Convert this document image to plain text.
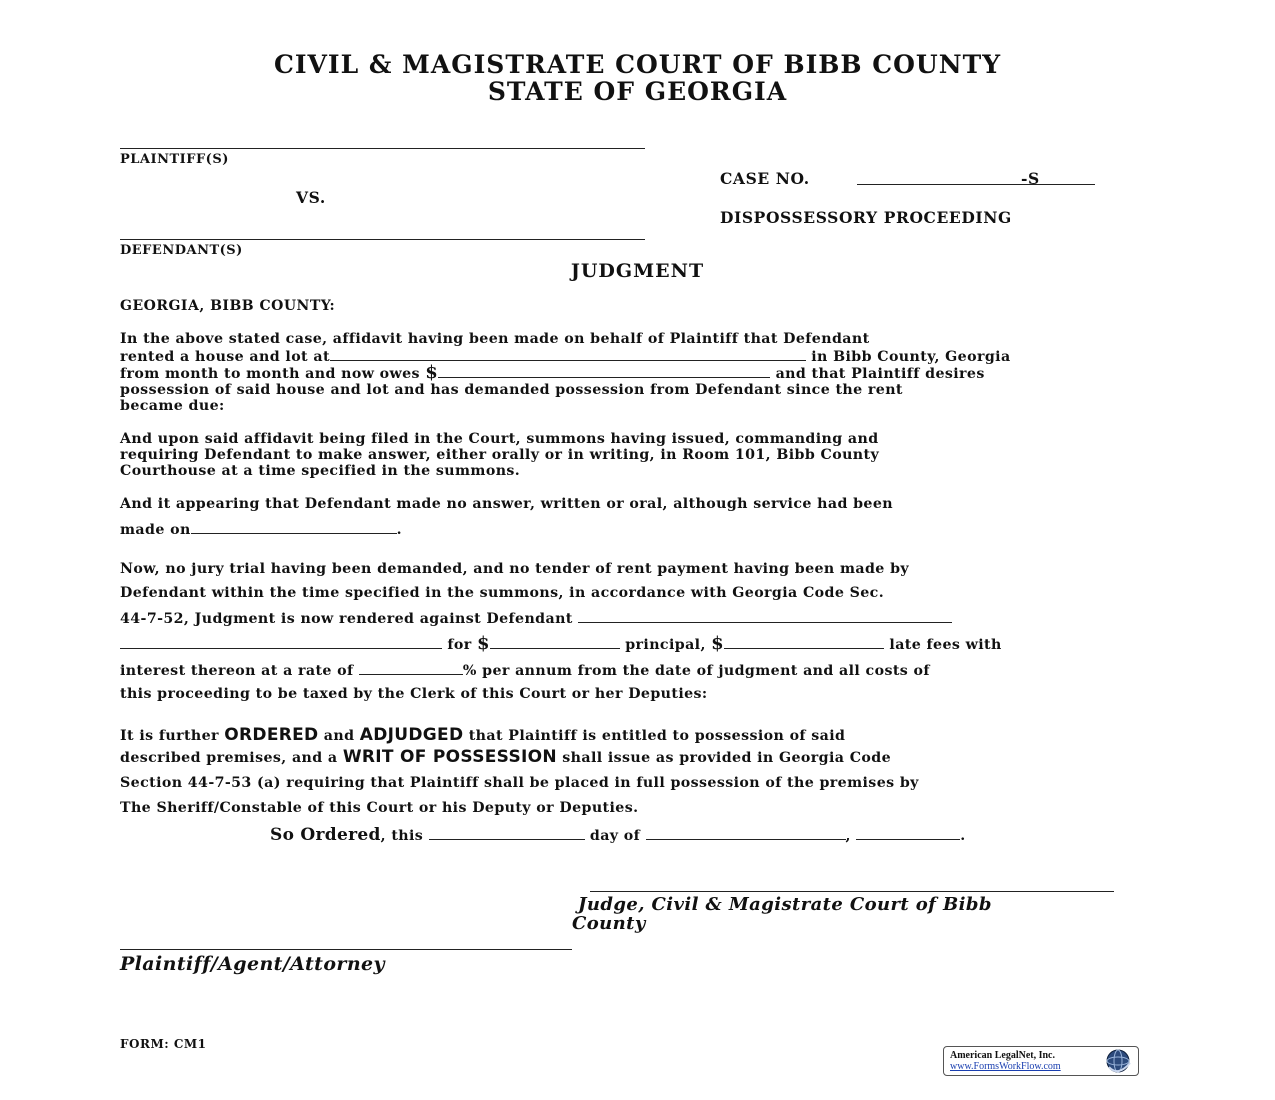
CIVIL & MAGISTRATE COURT OF BIBB COUNTY
STATE OF GEORGIA
PLAINTIFF(S)
VS.
DEFENDANT(S)
CASE NO.	-S
DISPOSSESSORY PROCEEDING
JUDGMENT
GEORGIA, BIBB COUNTY:
In the above stated case, affidavit having been made on behalf of Plaintiff that Defendant
rented a house and lot at	in Bibb County, Georgia
from month to month and now owes $	and that Plaintiff desires
possession of said house and lot and has demanded possession from Defendant since the rent
became due:
And upon said affidavit being filed in the Court, summons having issued, commanding and
requiring Defendant to make answer, either orally or in writing, in Room 101, Bibb County
Courthouse at a time specified in the summons.
And it appearing that Defendant made no answer, written or oral, although service had been
made on	.
Now, no jury trial having been demanded, and no tender of rent payment having been made by
Defendant within the time specified in the summons, in accordance with Georgia Code Sec.
44-7-52, Judgment is now rendered against Defendant
for $	principal, $	late fees with
interest thereon at a rate of	% per annum from the date of judgment and all costs of
this proceeding to be taxed by the Clerk of this Court or her Deputies:
It is further ORDERED and ADJUDGED that Plaintiff is entitled to possession of said
described premises, and a WRIT OF POSSESSION shall issue as provided in Georgia Code
Section 44-7-53 (a) requiring that Plaintiff shall be placed in full possession of the premises by
The Sheriff/Constable of this Court or his Deputy or Deputies.
So Ordered, this	day of	,	.
Judge, Civil & Magistrate Court of Bibb
County
Plaintiff/Agent/Attorney
FORM: CM1
American LegalNet, Inc.
www.FormsWorkFlow.com
